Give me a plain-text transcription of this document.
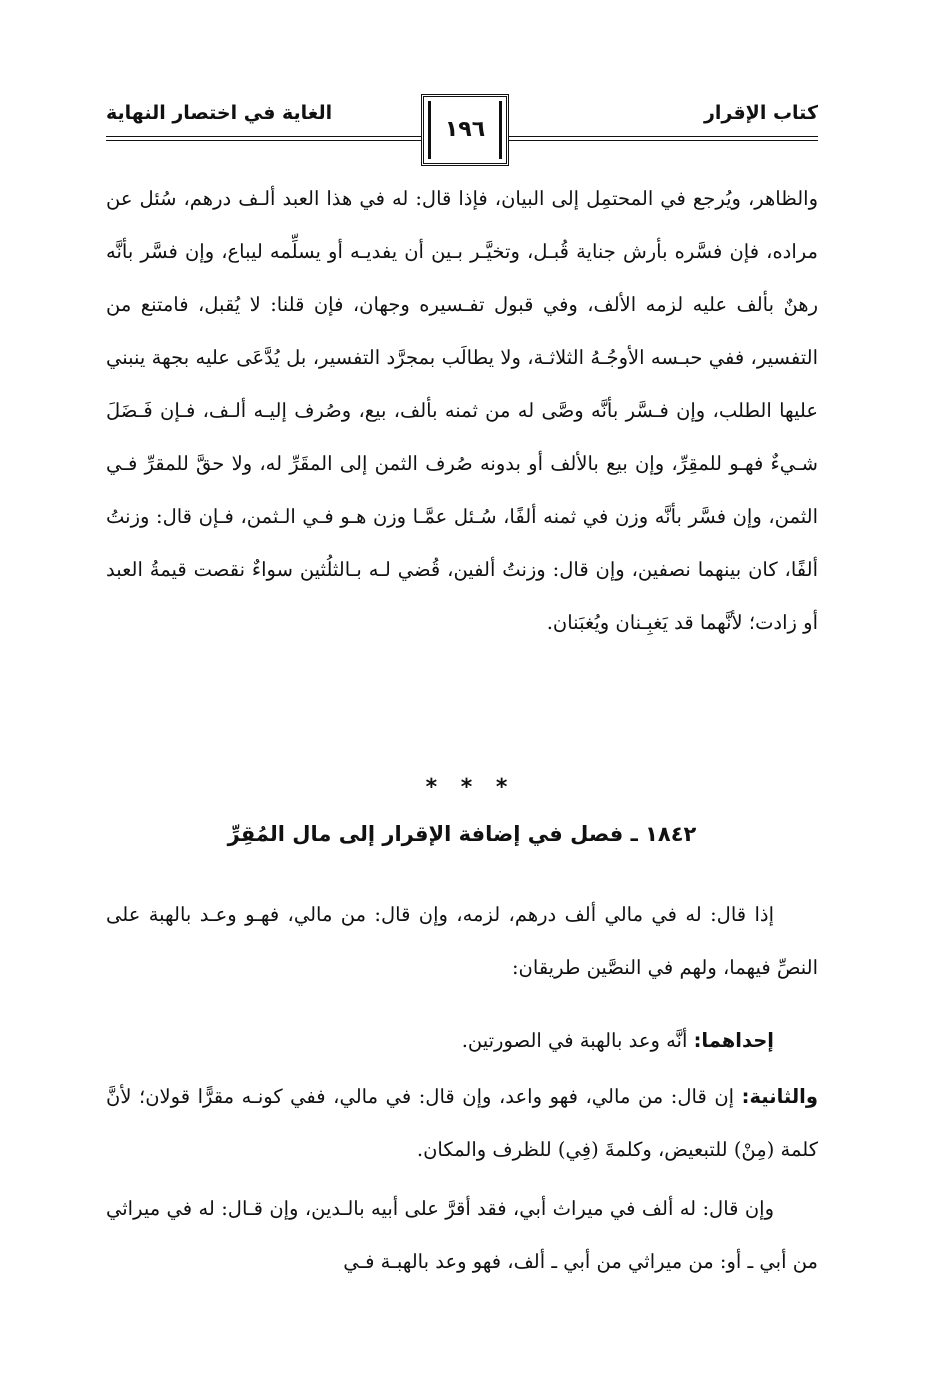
كتاب الإقرار
الغاية في اختصار النهاية
١٩٦

والظاهر، ويُرجع في المحتمِل إلى البيان، فإذا قال: له في هذا العبد ألـف درهم، سُئل عن مراده، فإن فسَّره بأرش جناية قُبـل، وتخيَّـر بـين أن يفديـه أو يسلِّمه ليباع، وإن فسَّر بأنَّه رهنٌ بألف عليه لزمه الألف، وفي قبول تفـسيره وجهان، فإن قلنا: لا يُقبل، فامتنع من التفسير، ففي حبـسه الأوجُـهُ الثلاثـة، ولا يطالَب بمجرَّد التفسير، بل يُدَّعَى عليه بجهة ينبني عليها الطلب، وإن فـسَّر بأنَّه وصَّى له من ثمنه بألف، بيع، وصُرف إليـه ألـف، فـإن فَـضَلَ شـيءٌ فهـو للمقِرِّ، وإن بيع بالألف أو بدونه صُرف الثمن إلى المقَرِّ له، ولا حقَّ للمقرِّ فـي الثمن، وإن فسَّر بأنَّه وزن في ثمنه ألفًا، سُـئل عمَّـا وزن هـو فـي الـثمن، فـإن قال: وزنتُ ألفًا، كان بينهما نصفين، وإن قال: وزنتُ ألفين، قُضي لـه بـالثلُثين سواءٌ نقصت قيمةُ العبد أو زادت؛ لأنَّهما قد يَغبِـنان ويُغبَنان.

* * *
١٨٤٢ ـ فصل في إضافة الإقرار إلى مال المُقِرِّ

إذا قال: له في مالي ألف درهم، لزمه، وإن قال: من مالي، فهـو وعـد بالهبة على النصِّ فيهما، ولهم في النصَّين طريقان:

إحداهما: أنَّه وعد بالهبة في الصورتين.

والثانية: إن قال: من مالي، فهو واعد، وإن قال: في مالي، ففي كونـه مقرًّا قولان؛ لأنَّ كلمة (مِنْ) للتبعيض، وكلمةَ (فِي) للظرف والمكان.

وإن قال: له ألف في ميراث أبي، فقد أقرَّ على أبيه بالـدين، وإن قـال: له في ميراثي من أبي ـ أو: من ميراثي من أبي ـ ألف، فهو وعد بالهبـة فـي
